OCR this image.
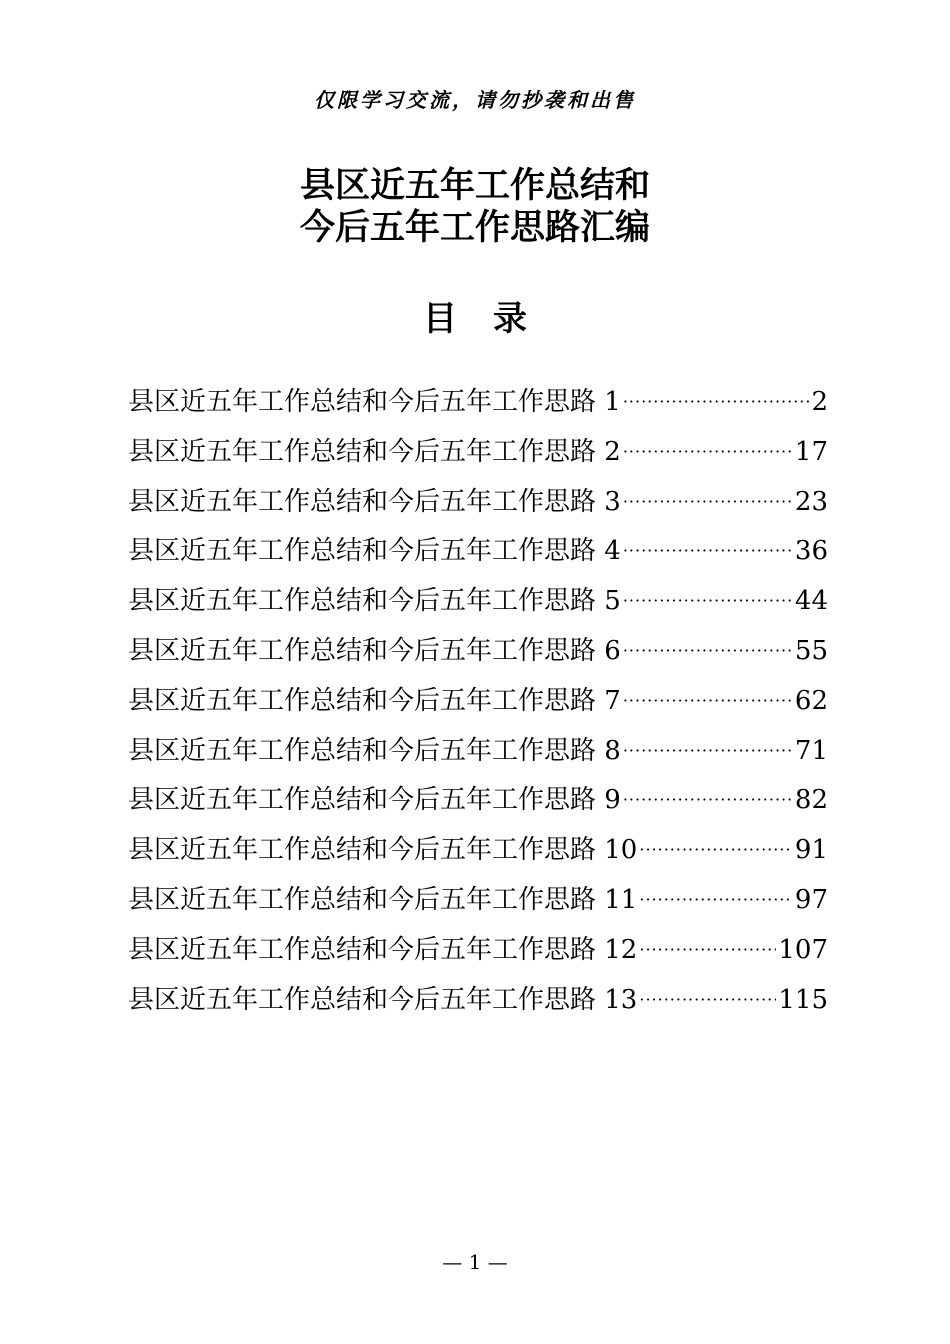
仅限学习交流，请勿抄袭和出售
县区近五年工作总结和
今后五年工作思路汇编
目录
县区近五年工作总结和今后五年工作思路 1 ·····	2
县区近五年工作总结和今后五年工作思路 2 ·····	17
县区近五年工作总结和今后五年工作思路 3 ·····	23
县区近五年工作总结和今后五年工作思路 4 ·····	36
县区近五年工作总结和今后五年工作思路 5 ·····	44
县区近五年工作总结和今后五年工作思路 6 ·····	55
县区近五年工作总结和今后五年工作思路 7 ·····	62
县区近五年工作总结和今后五年工作思路 8 ·····	71
县区近五年工作总结和今后五年工作思路 9 ·····	82
县区近五年工作总结和今后五年工作思路 10 ·····	91
县区近五年工作总结和今后五年工作思路 11 ·····	97
县区近五年工作总结和今后五年工作思路 12 ·····	107
县区近五年工作总结和今后五年工作思路 13 ·····	115
— 1 —
